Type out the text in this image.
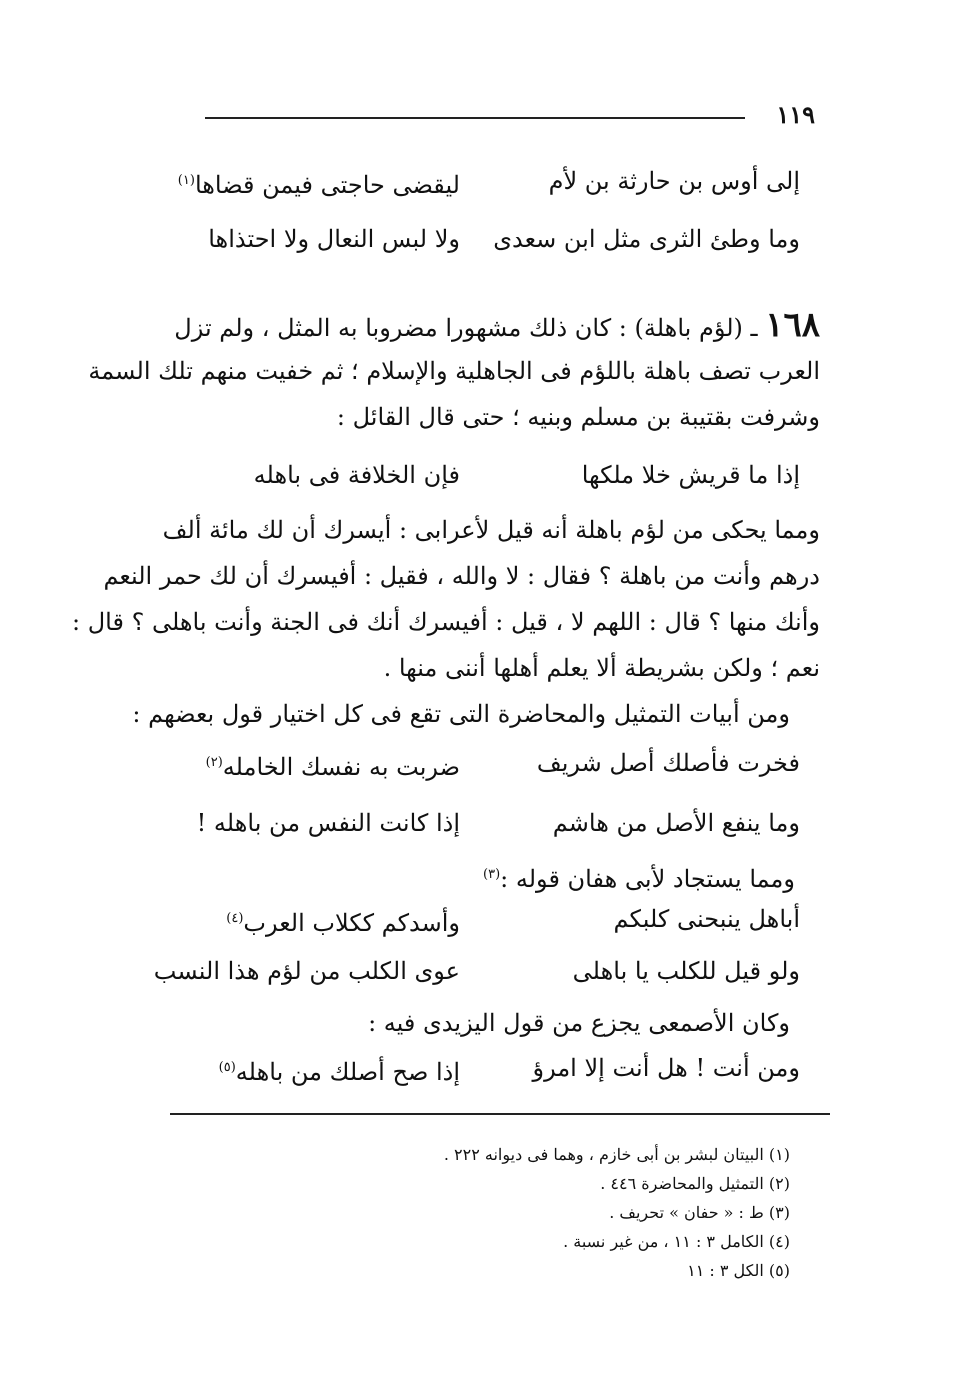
١١٩
إلى أوس بن حارثة بن لأم
ليقضى حاجتى فيمن قضاها$^{(١)}$
وما وطئ الثرى مثل ابن سعدى
ولا لبس النعال ولا احتذاها
١٦٨ ـ (لؤم باهلة) : كان ذلك مشهورا مضروبا به المثل ، ولم تزل
العرب تصف باهلة باللؤم فى الجاهلية والإسلام ؛ ثم خفيت منهم تلك السمة
وشرفت بقتيبة بن مسلم وبنيه ؛ حتى قال القائل :
إذا ما قريش خلا ملكها
فإن الخلافة فى باهله
ومما يحكى من لؤم باهلة أنه قيل لأعرابى : أيسرك أن لك مائة ألف
درهم وأنت من باهلة ؟ فقال : لا والله ، فقيل : أفيسرك أن لك حمر النعم
وأنك منها ؟ قال : اللهم لا ، قيل : أفيسرك أنك فى الجنة وأنت باهلى ؟ قال :
نعم ؛ ولكن بشريطة ألا يعلم أهلها أننى منها .
ومن أبيات التمثيل والمحاضرة التى تقع فى كل اختيار قول بعضهم :
فخرت فأصلك أصل شريف
ضربت به نفسك الخامله$^{(٢)}$
وما ينفع الأصل من هاشم
إذا كانت النفس من باهله !
ومما يستجاد لأبى هفان قوله :$^{(٣)}$
أباهل ينبحنى كلبكم
وأسدكم ككلاب العرب$^{(٤)}$
ولو قيل للكلب يا باهلى
عوى الكلب من لؤم هذا النسب
وكان الأصمعى يجزع من قول اليزيدى فيه :
ومن أنت ! هل أنت إلا امرؤ
إذا صح أصلك من باهله$^{(٥)}$
(١) البيتان لبشر بن أبى خازم ، وهما فى ديوانه ٢٢٢ .
(٢) التمثيل والمحاضرة ٤٤٦ .
(٣) ط : « حفان » تحريف .
(٤) الكامل ٣ : ١١ ، من غير نسبة .
(٥) الكل ٣ : ١١
